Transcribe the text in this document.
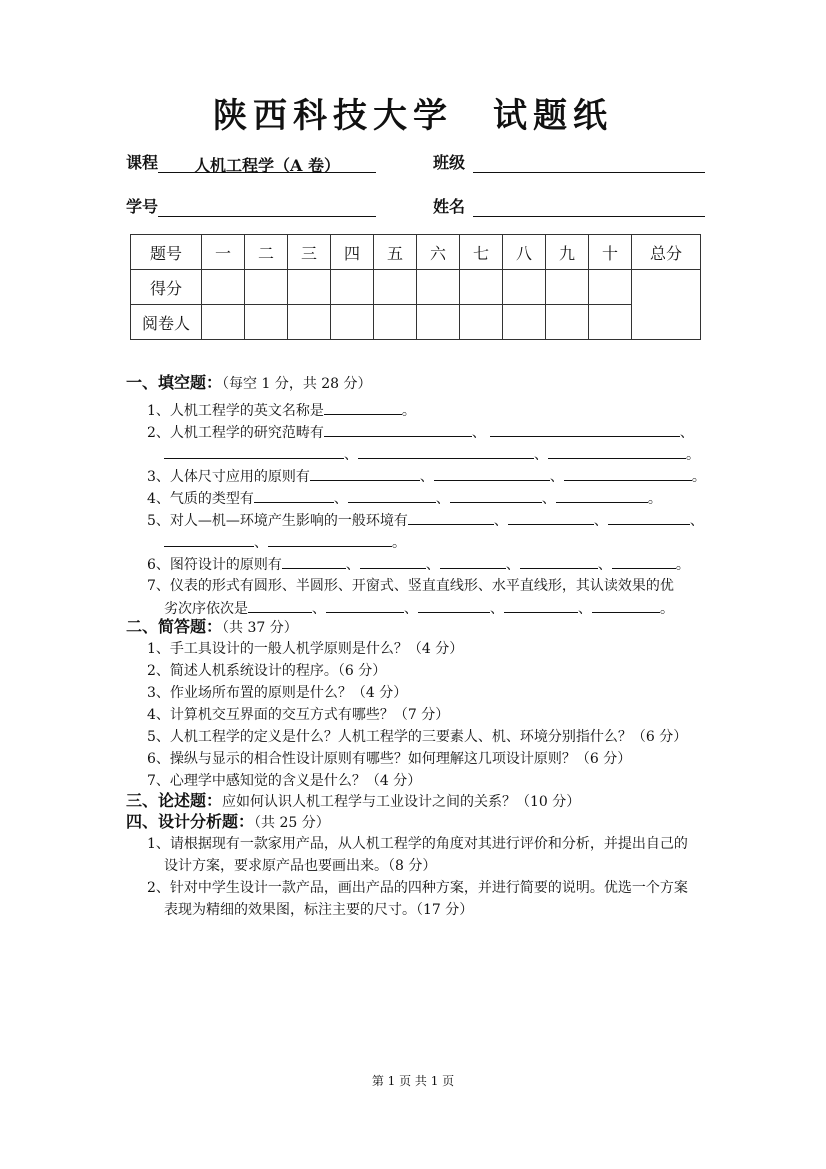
陕西科技大学 试题纸
课程 人机工程学（A 卷）	班级
学号	姓名
题号	一	二	三	四	五	六	七	八	九	十	总分
得分											
阅卷人											
一、填空题：（每空 1 分，共 28 分）
1、人机工程学的英文名称是	。
2、人机工程学的研究范畴有	、	、
、	、	。
3、人体尺寸应用的原则有	、	、	。
4、气质的类型有	、	、	、	。
5、对人—机—环境产生影响的一般环境有	、	、	、
、	。
6、图符设计的原则有	、	、	、	、	。
7、仪表的形式有圆形、半圆形、开窗式、竖直直线形、水平直线形，其认读效果的优
劣次序依次是	、	、	、	、	。
二、简答题：（共 37 分）
1、手工具设计的一般人机学原则是什么？（4 分）
2、简述人机系统设计的程序。（6 分）
3、作业场所布置的原则是什么？（4 分）
4、计算机交互界面的交互方式有哪些？（7 分）
5、人机工程学的定义是什么？人机工程学的三要素人、机、环境分别指什么？（6 分）
6、操纵与显示的相合性设计原则有哪些？如何理解这几项设计原则？（6 分）
7、心理学中感知觉的含义是什么？（4 分）
三、论述题：应如何认识人机工程学与工业设计之间的关系？（10 分）
四、设计分析题：（共 25 分）
1、请根据现有一款家用产品，从人机工程学的角度对其进行评价和分析，并提出自己的
设计方案，要求原产品也要画出来。（8 分）
2、针对中学生设计一款产品，画出产品的四种方案，并进行简要的说明。优选一个方案
表现为精细的效果图，标注主要的尺寸。（17 分）
第 1 页 共 1 页
